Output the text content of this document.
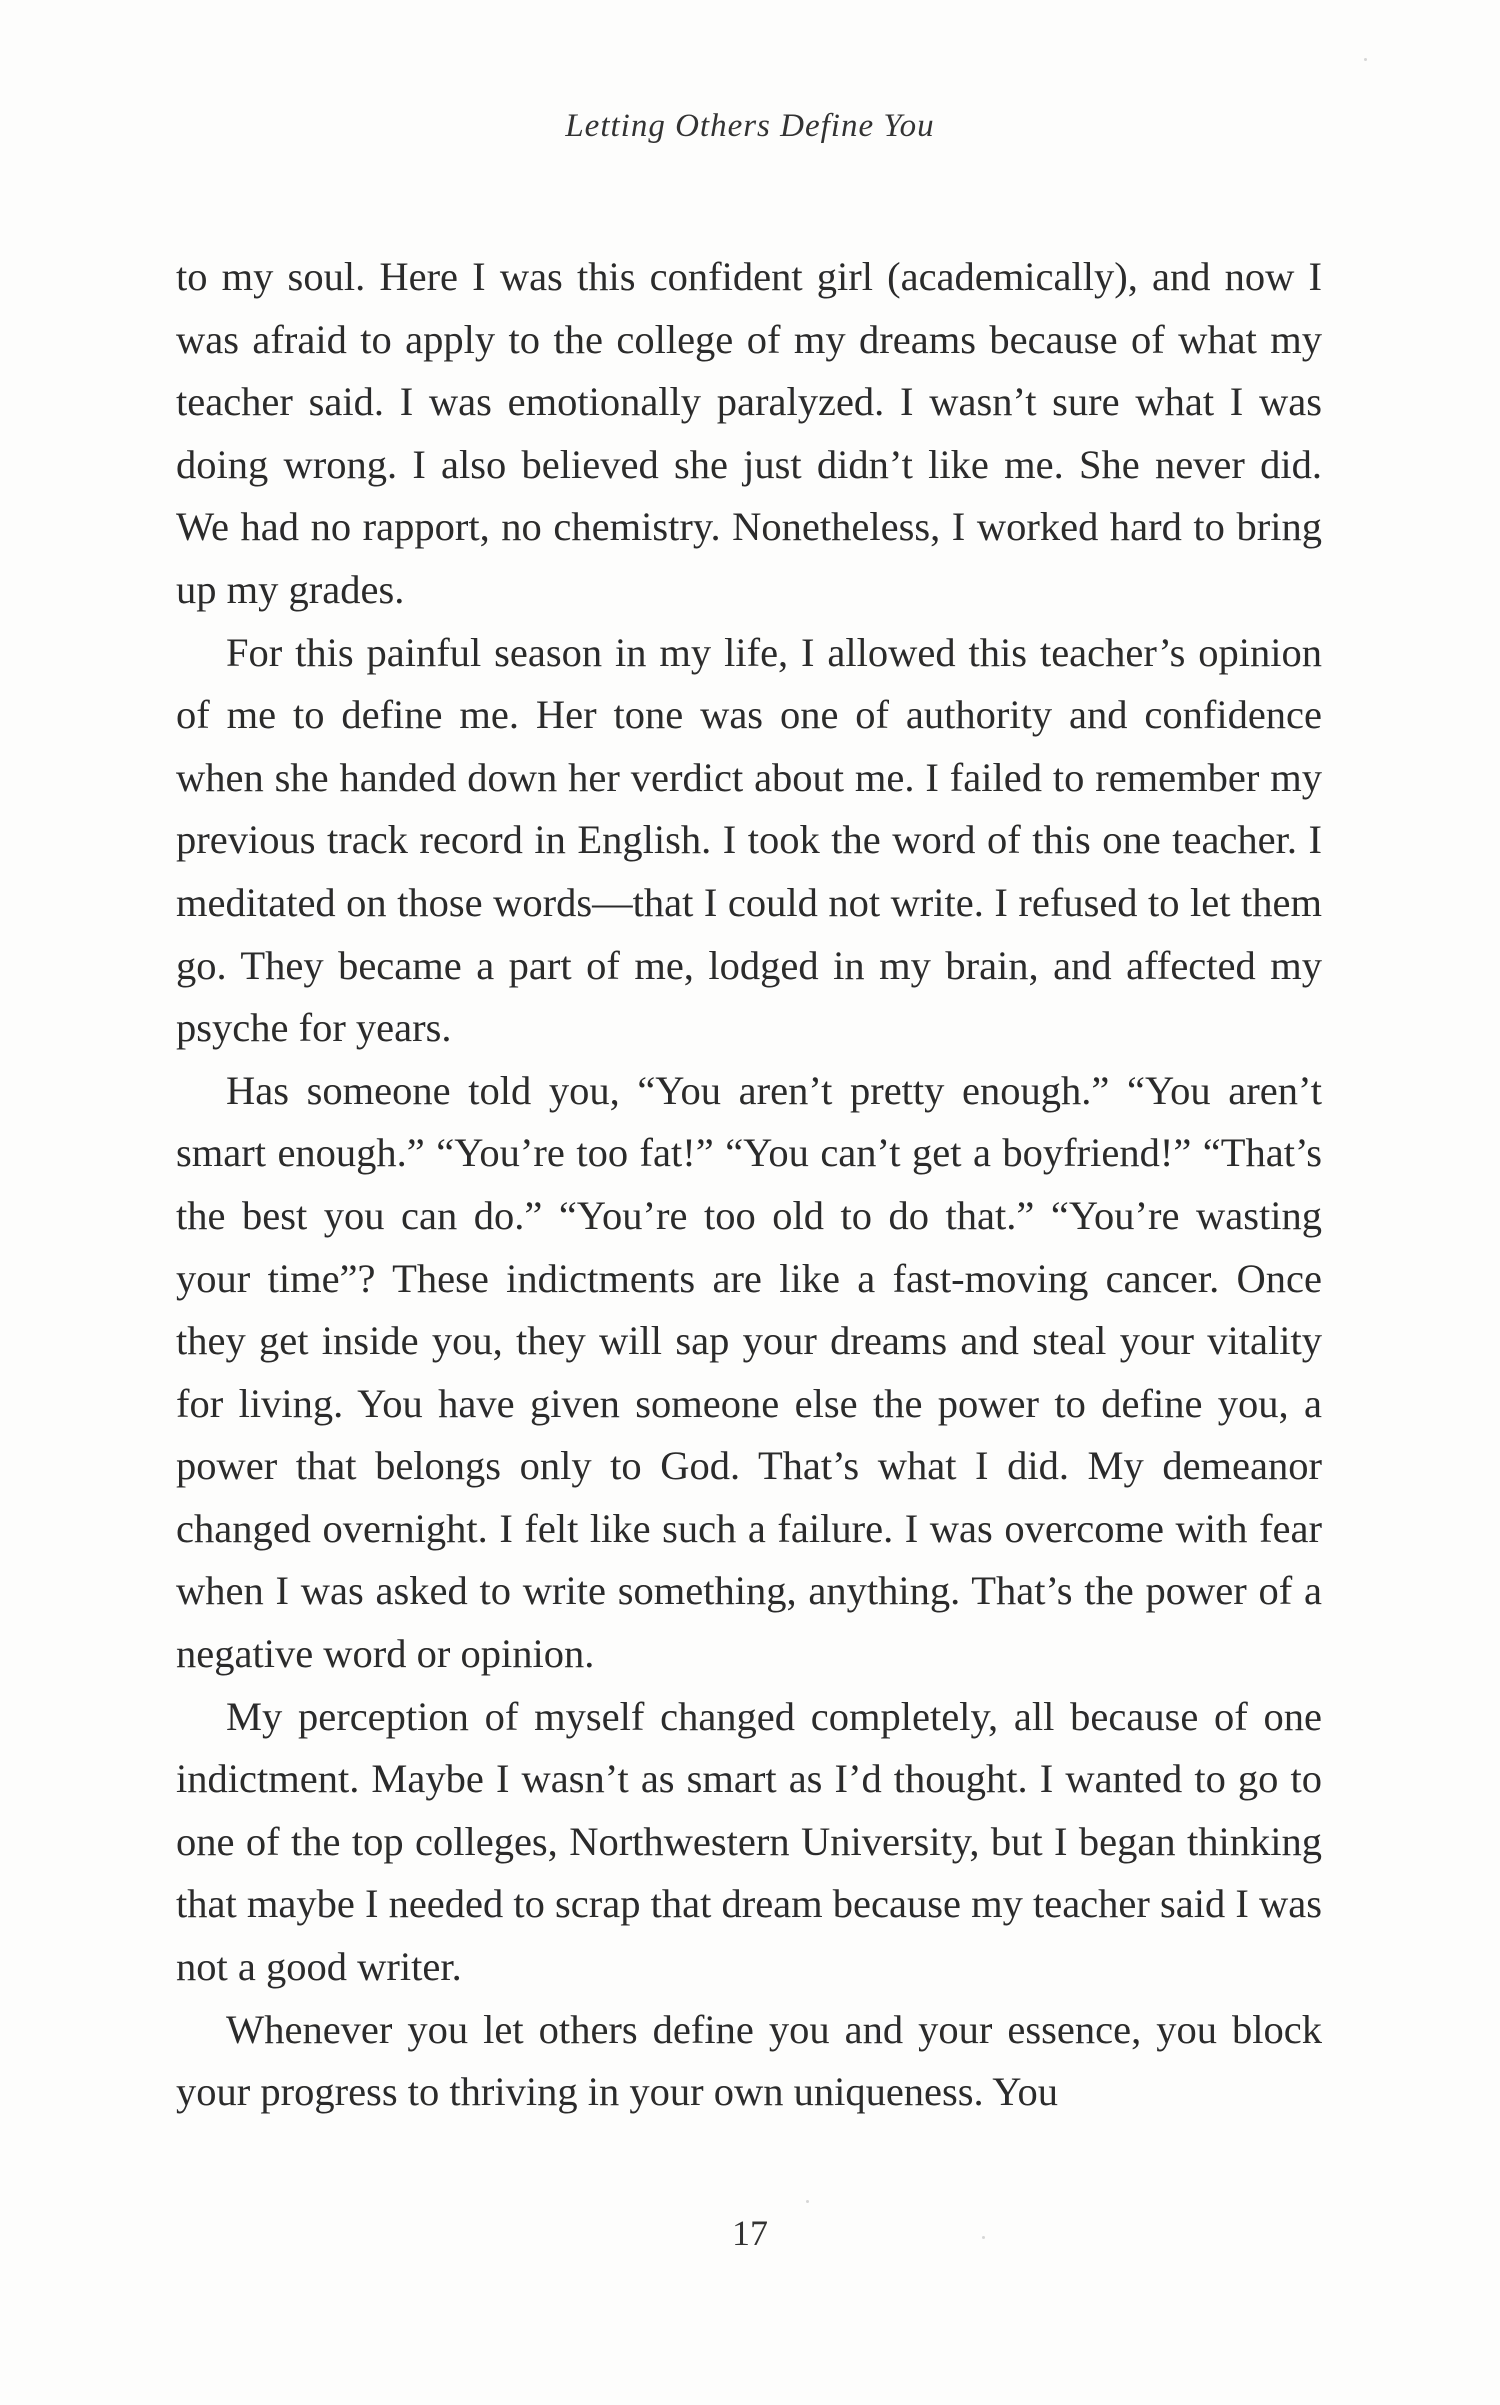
Letting Others Define You

to my soul. Here I was this confident girl (academically), and now I was afraid to apply to the college of my dreams because of what my teacher said. I was emotionally paralyzed. I wasn’t sure what I was doing wrong. I also believed she just didn’t like me. She never did. We had no rapport, no chemistry. Nonetheless, I worked hard to bring up my grades.

For this painful season in my life, I allowed this teacher’s opinion of me to define me. Her tone was one of authority and confidence when she handed down her verdict about me. I failed to remember my previous track record in English. I took the word of this one teacher. I meditated on those words—that I could not write. I refused to let them go. They became a part of me, lodged in my brain, and affected my psyche for years.

Has someone told you, “You aren’t pretty enough.” “You aren’t smart enough.” “You’re too fat!” “You can’t get a boyfriend!” “That’s the best you can do.” “You’re too old to do that.” “You’re wasting your time”? These indictments are like a fast-moving cancer. Once they get inside you, they will sap your dreams and steal your vitality for living. You have given someone else the power to define you, a power that belongs only to God. That’s what I did. My demeanor changed overnight. I felt like such a failure. I was overcome with fear when I was asked to write something, anything. That’s the power of a negative word or opinion.

My perception of myself changed completely, all because of one indictment. Maybe I wasn’t as smart as I’d thought. I wanted to go to one of the top colleges, Northwestern University, but I began thinking that maybe I needed to scrap that dream because my teacher said I was not a good writer.

Whenever you let others define you and your essence, you block your progress to thriving in your own uniqueness. You

17
